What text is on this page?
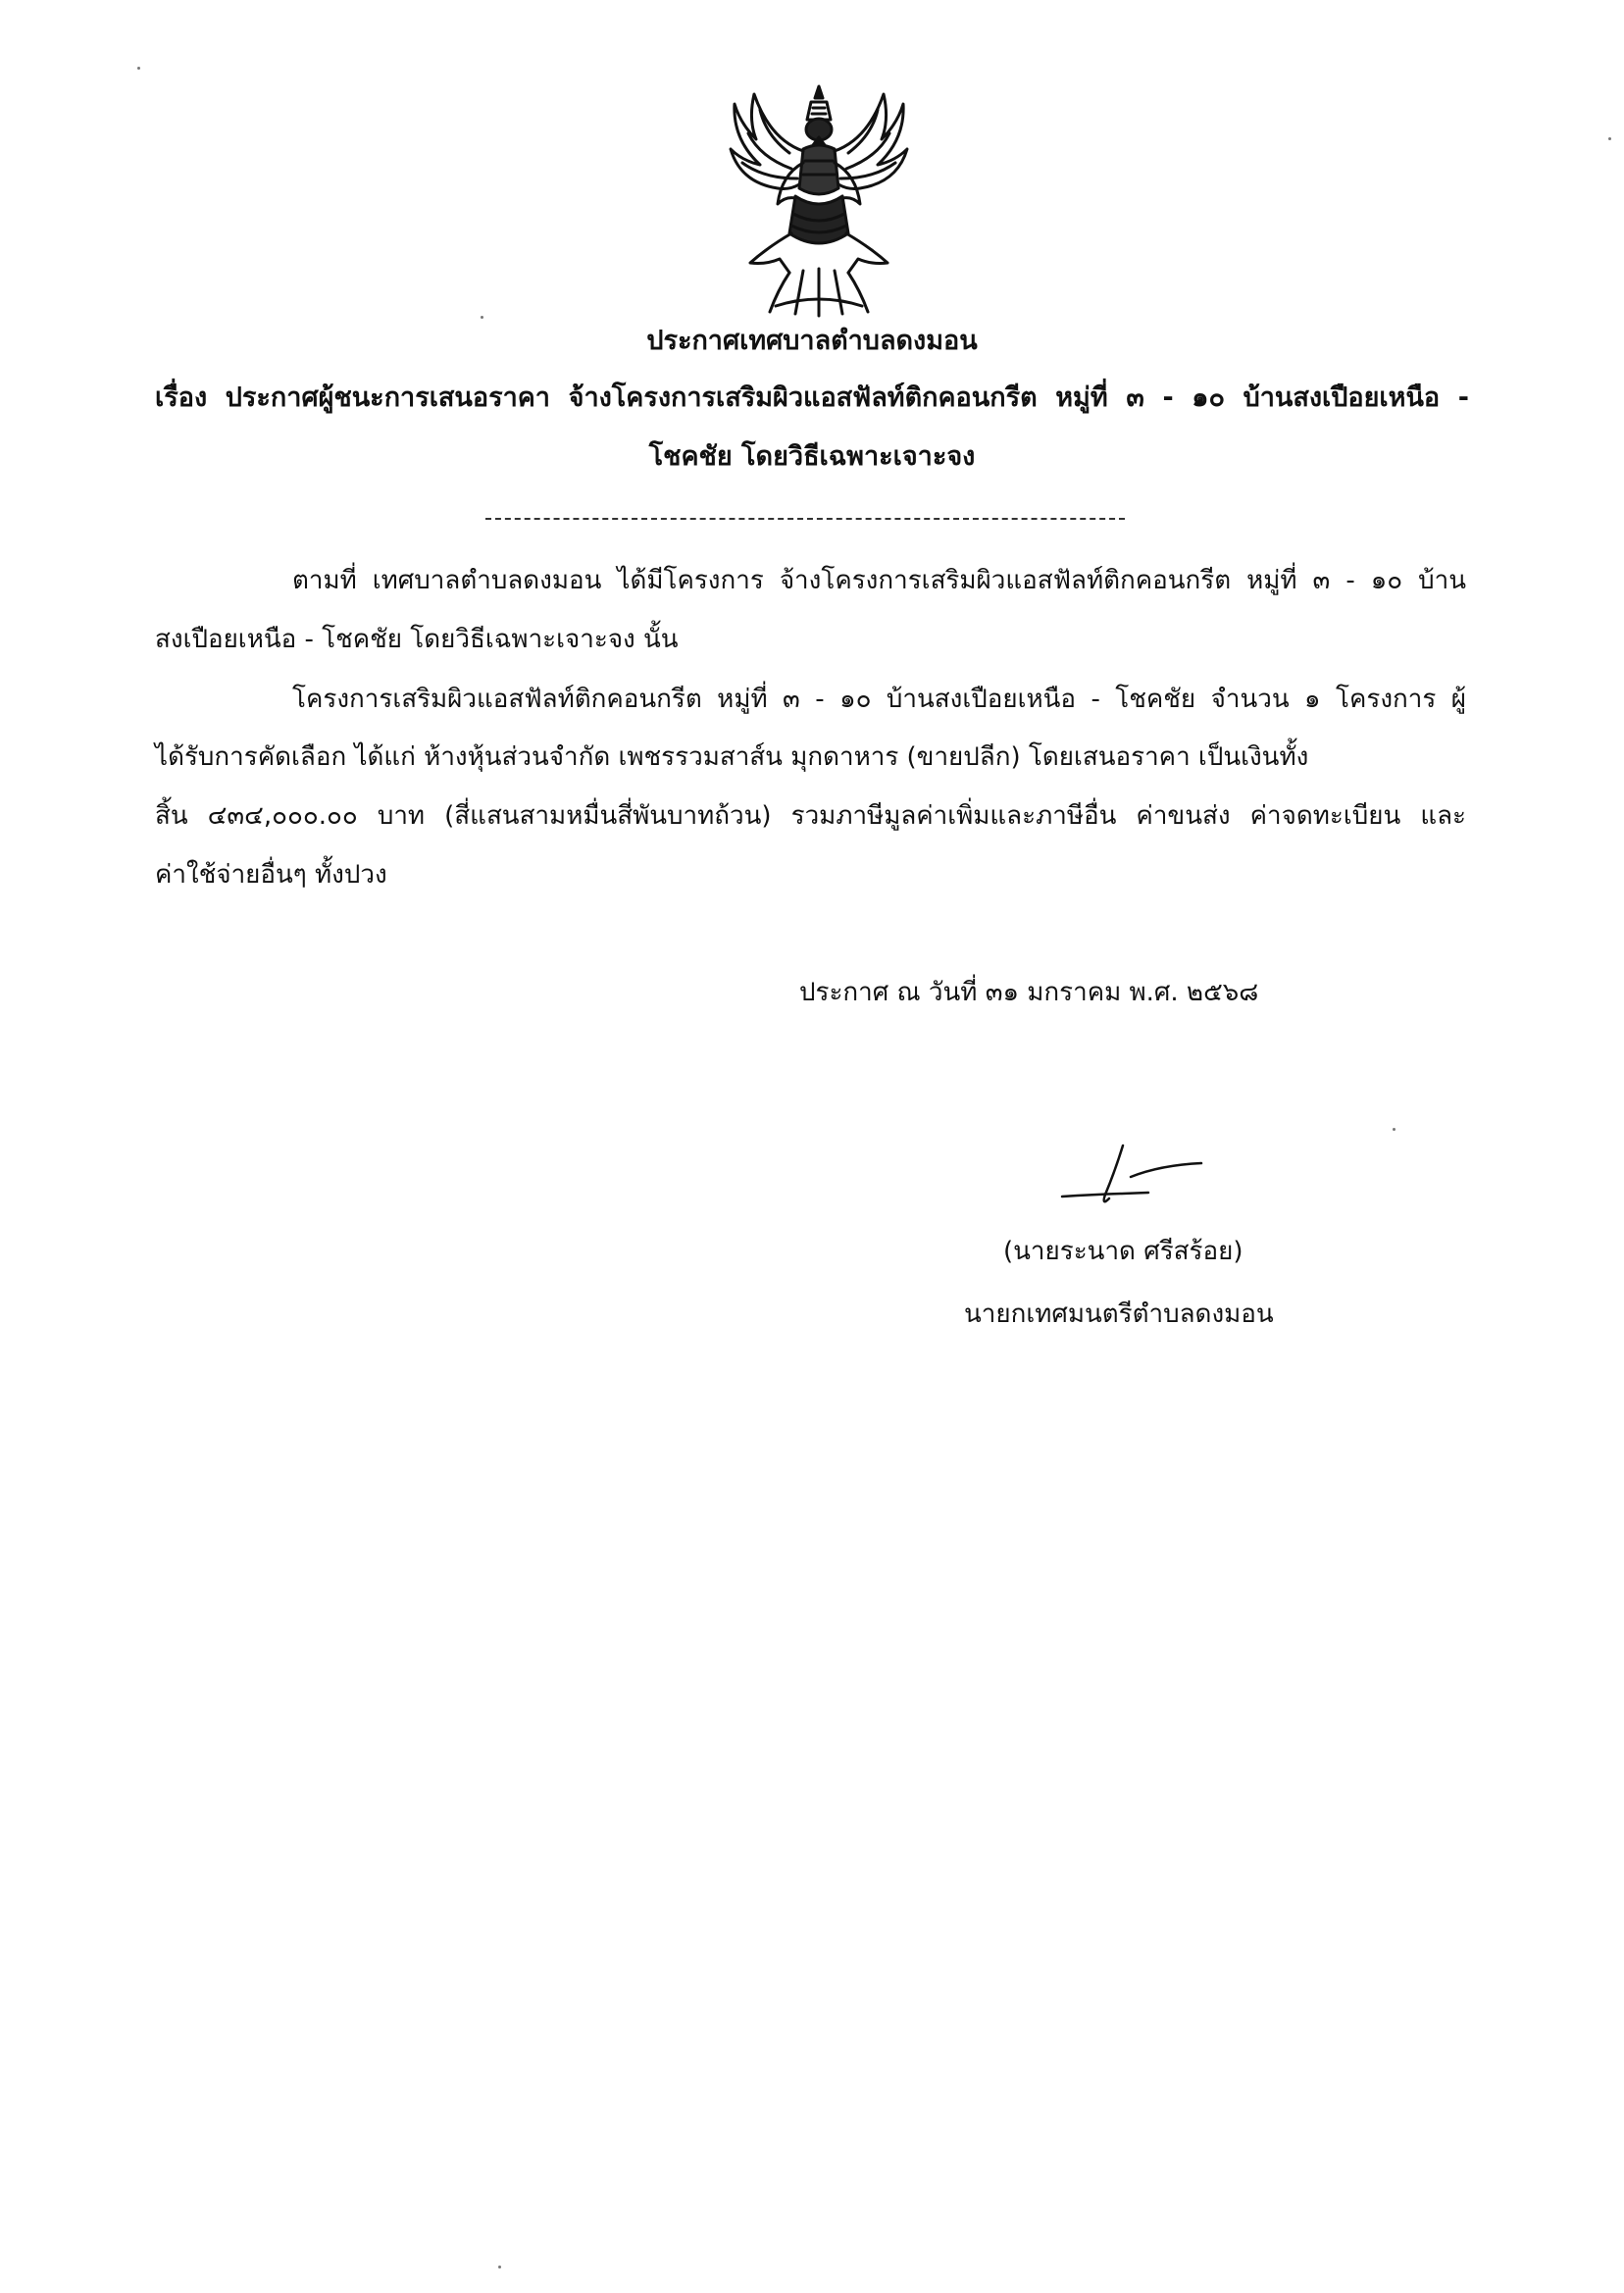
ประกาศเทศบาลตำบลดงมอน
เรื่อง ประกาศผู้ชนะการเสนอราคา จ้างโครงการเสริมผิวแอสฟัลท์ติกคอนกรีต หมู่ที่ ๓ - ๑๐ บ้านสงเปือยเหนือ -
โชคชัย โดยวิธีเฉพาะเจาะจง
ตามที่ เทศบาลตำบลดงมอน ได้มีโครงการ จ้างโครงการเสริมผิวแอสฟัลท์ติกคอนกรีต หมู่ที่ ๓ - ๑๐ บ้าน
สงเปือยเหนือ - โชคชัย โดยวิธีเฉพาะเจาะจง นั้น
โครงการเสริมผิวแอสฟัลท์ติกคอนกรีต หมู่ที่ ๓ - ๑๐ บ้านสงเปือยเหนือ - โชคชัย จำนวน ๑ โครงการ ผู้
ได้รับการคัดเลือก ได้แก่ ห้างหุ้นส่วนจำกัด เพชรรวมสาส์น มุกดาหาร (ขายปลีก) โดยเสนอราคา เป็นเงินทั้ง
สิ้น ๔๓๔,๐๐๐.๐๐ บาท (สี่แสนสามหมื่นสี่พันบาทถ้วน) รวมภาษีมูลค่าเพิ่มและภาษีอื่น ค่าขนส่ง ค่าจดทะเบียน และ
ค่าใช้จ่ายอื่นๆ ทั้งปวง
ประกาศ ณ วันที่ ๓๑ มกราคม พ.ศ. ๒๕๖๘
(นายระนาด ศรีสร้อย)
นายกเทศมนตรีตำบลดงมอน
